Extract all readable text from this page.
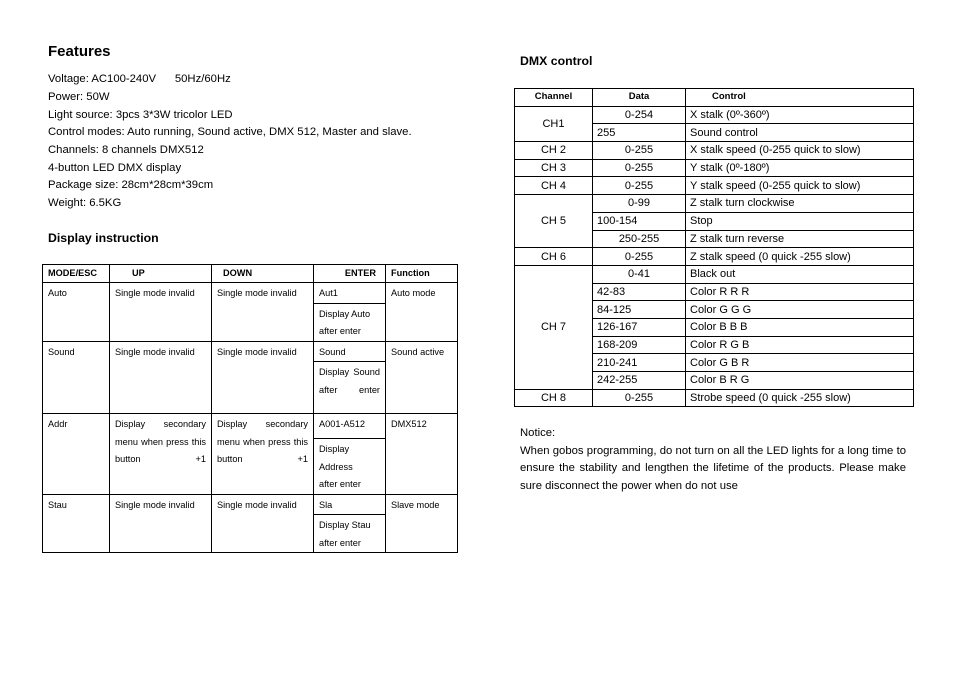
Features
Voltage: AC100-240V      50Hz/60Hz
Power: 50W
Light source: 3pcs 3*3W tricolor LED
Control modes: Auto running, Sound active, DMX 512, Master and slave.
Channels: 8 channels DMX512
4-button LED DMX display
Package size: 28cm*28cm*39cm
Weight: 6.5KG
Display instruction
MODE/ESC	UP	DOWN	ENTER	Function
Auto	Single mode invalid	Single mode invalid	Aut1	Auto mode
			Display Auto after enter	
Sound	Single mode invalid	Single mode invalid	Sound	Sound active
			Display Sound after enter	
Addr	Display secondary menu when press this button +1	Display secondary menu when press this button +1	A001-A512	DMX512
			Display Address after enter	
Stau	Single mode invalid	Single mode invalid	Sla	Slave mode
			Display Stau after enter	
DMX control
Channel	Data	Control
CH1	0-254	X stalk (0º-360º)
	255	Sound control
CH 2	0-255	X stalk speed (0-255 quick to slow)
CH 3	0-255	Y stalk (0º-180º)
CH 4	0-255	Y stalk speed (0-255 quick to slow)
CH 5	0-99	Z stalk turn clockwise
	100-154	Stop
	250-255	Z stalk turn reverse
CH 6	0-255	Z stalk speed (0 quick -255 slow)
CH 7	0-41	Black out
	42-83	Color R R R
	84-125	Color G G G
	126-167	Color B B B
	168-209	Color R G B
	210-241	Color G B R
	242-255	Color B R G
CH 8	0-255	Strobe speed (0 quick -255 slow)
Notice:
When gobos programming, do not turn on all the LED lights for a long time to ensure the stability and lengthen the lifetime of the products. Please make sure disconnect the power when do not use
